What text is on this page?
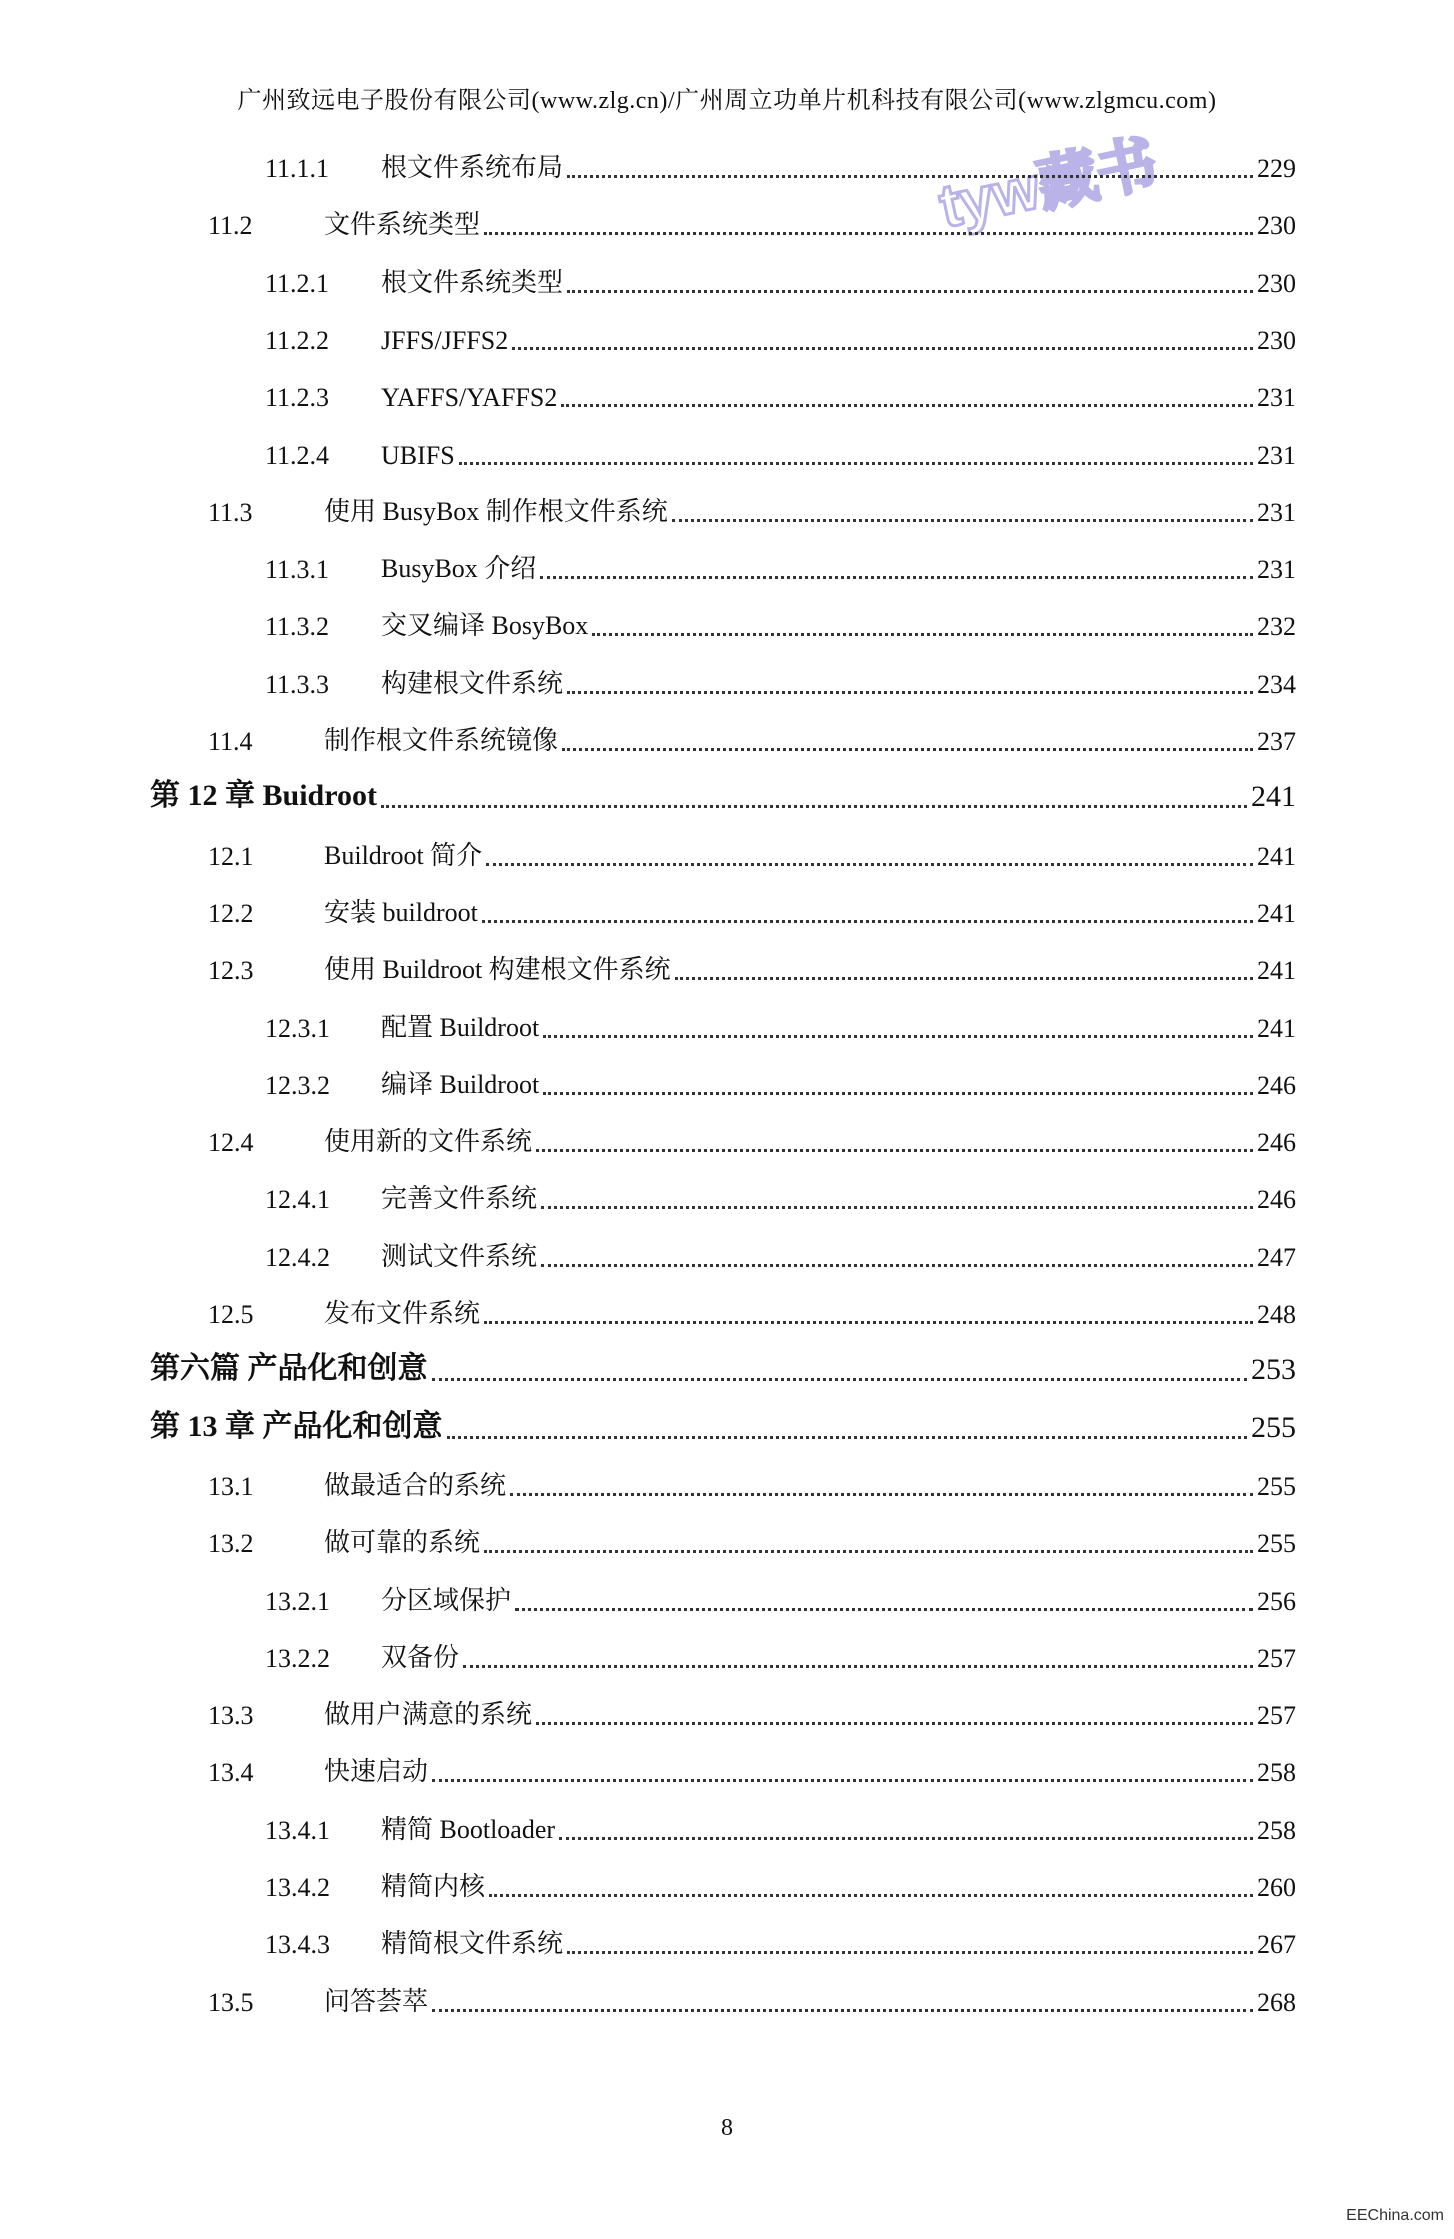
广州致远电子股份有限公司(www.zlg.cn)/广州周立功单片机科技有限公司(www.zlgmcu.com)
tyw藏书
11.1.1 根文件系统布局	229
11.2	文件系统类型	230
11.2.1 根文件系统类型	230
11.2.2 JFFS/JFFS2	230
11.2.3 YAFFS/YAFFS2	231
11.2.4 UBIFS	231
11.3	使用 BusyBox 制作根文件系统	231
11.3.1 BusyBox 介绍	231
11.3.2 交叉编译 BosyBox	232
11.3.3 构建根文件系统	234
11.4	制作根文件系统镜像	237
第 12 章 Buidroot	241
12.1	Buildroot 简介	241
12.2	安装 buildroot	241
12.3	使用 Buildroot 构建根文件系统	241
12.3.1 配置 Buildroot	241
12.3.2 编译 Buildroot	246
12.4	使用新的文件系统	246
12.4.1 完善文件系统	246
12.4.2 测试文件系统	247
12.5	发布文件系统	248
第六篇 产品化和创意	253
第 13 章 产品化和创意	255
13.1	做最适合的系统	255
13.2	做可靠的系统	255
13.2.1 分区域保护	256
13.2.2 双备份	257
13.3	做用户满意的系统	257
13.4	快速启动	258
13.4.1 精简 Bootloader	258
13.4.2 精简内核	260
13.4.3 精简根文件系统	267
13.5	问答荟萃	268
8
EEChina.com
